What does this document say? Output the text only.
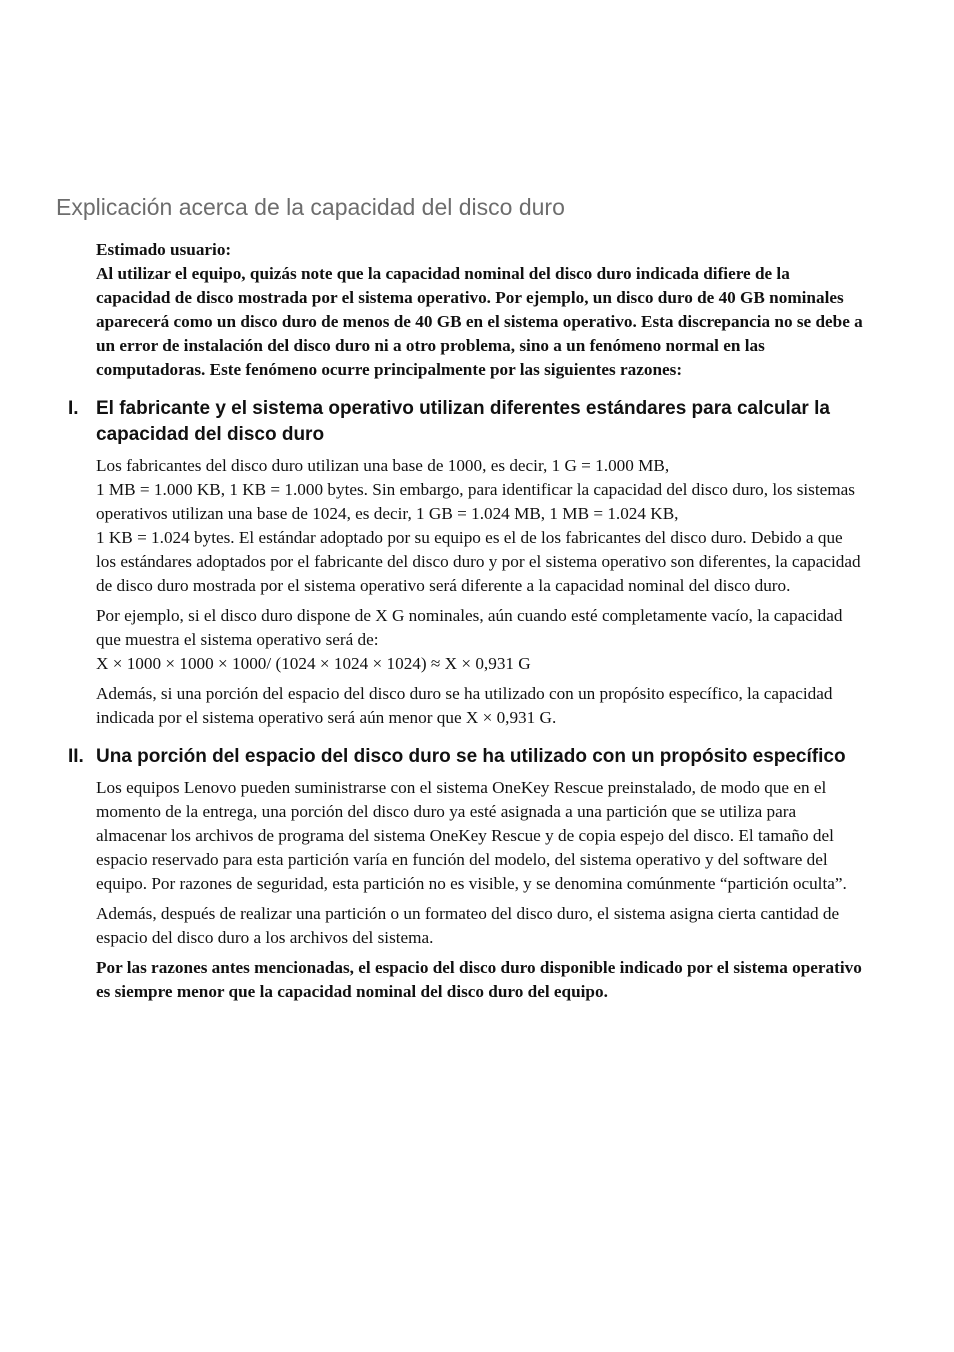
Explicación acerca de la capacidad del disco duro
Estimado usuario:

Al utilizar el equipo, quizás note que la capacidad nominal del disco duro indicada difiere de la capacidad de disco mostrada por el sistema operativo. Por ejemplo, un disco duro de 40 GB nominales aparecerá como un disco duro de menos de 40 GB en el sistema operativo. Esta discrepancia no se debe a un error de instalación del disco duro ni a otro problema, sino a un fenómeno normal en las computadoras. Este fenómeno ocurre principalmente por las siguientes razones:

I. El fabricante y el sistema operativo utilizan diferentes estándares para calcular la capacidad del disco duro

Los fabricantes del disco duro utilizan una base de 1000, es decir, 1 G = 1.000 MB,
1 MB = 1.000 KB, 1 KB = 1.000 bytes. Sin embargo, para identificar la capacidad del disco duro, los sistemas operativos utilizan una base de 1024, es decir, 1 GB = 1.024 MB, 1 MB = 1.024 KB,
1 KB = 1.024 bytes. El estándar adoptado por su equipo es el de los fabricantes del disco duro. Debido a que los estándares adoptados por el fabricante del disco duro y por el sistema operativo son diferentes, la capacidad de disco duro mostrada por el sistema operativo será diferente a la capacidad nominal del disco duro.

Por ejemplo, si el disco duro dispone de X G nominales, aún cuando esté completamente vacío, la capacidad que muestra el sistema operativo será de:
X × 1000 × 1000 × 1000/ (1024 × 1024 × 1024) ≈ X × 0,931 G

Además, si una porción del espacio del disco duro se ha utilizado con un propósito específico, la capacidad indicada por el sistema operativo será aún menor que X × 0,931 G.

II. Una porción del espacio del disco duro se ha utilizado con un propósito específico

Los equipos Lenovo pueden suministrarse con el sistema OneKey Rescue preinstalado, de modo que en el momento de la entrega, una porción del disco duro ya esté asignada a una partición que se utiliza para almacenar los archivos de programa del sistema OneKey Rescue y de copia espejo del disco. El tamaño del espacio reservado para esta partición varía en función del modelo, del sistema operativo y del software del equipo. Por razones de seguridad, esta partición no es visible, y se denomina comúnmente “partición oculta”.

Además, después de realizar una partición o un formateo del disco duro, el sistema asigna cierta cantidad de espacio del disco duro a los archivos del sistema.

Por las razones antes mencionadas, el espacio del disco duro disponible indicado por el sistema operativo es siempre menor que la capacidad nominal del disco duro del equipo.
